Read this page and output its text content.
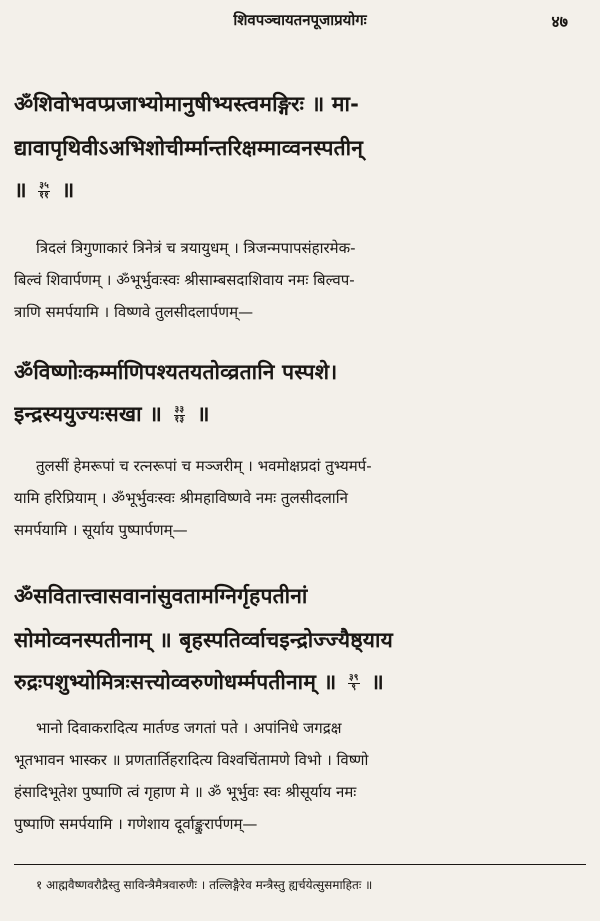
शिवपञ्चायतनपूजाप्रयोगः	४७
ॐशिवोभवप्प्रजाभ्योमानुषीभ्यस्त्वमङ्गिरः ॥ मा-
द्यावापृथिवीऽअभिशोचीर्म्मान्तरिक्षम्माव्वनस्पतीन्
॥ $\frac{३५}{११}$ ॥
त्रिदलं त्रिगुणाकारं त्रिनेत्रं च त्रयायुधम् । त्रिजन्मपापसंहारमेक-
बिल्वं शिवार्पणम् । ॐभूर्भुवःस्वः श्रीसाम्बसदाशिवाय नमः बिल्वप-
त्राणि समर्पयामि । विष्णवे तुलसीदलार्पणम्—
ॐविष्णोःकर्म्माणिपश्यतयतोव्व्रतानि पस्पशे।
इन्द्रस्ययुज्यःसखा ॥ $\frac{३३}{१३}$ ॥
तुलसीं हेमरूपां च रत्नरूपां च मञ्जरीम् । भवमोक्षप्रदां तुभ्यमर्प-
यामि हरिप्रियाम् । ॐभूर्भुवःस्वः श्रीमहाविष्णवे नमः तुलसीदलानि
समर्पयामि । सूर्याय पुष्पार्पणम्—
ॐसवितात्त्वासवानांसुवतामग्निर्गृहपतीनां
सोमोव्वनस्पतीनाम् ॥ बृहस्पतिर्व्वाचइन्द्रोज्ज्यैष्ठ्याय
रुद्रःपशुभ्योमित्रःसत्त्योव्वरुणोधर्म्मपतीनाम् ॥ $\frac{३९}{९}$ ॥
भानो दिवाकरादित्य मार्तण्ड जगतां पते । अपांनिधे जगद्रक्ष
भूतभावन भास्कर ॥ प्रणतार्तिहरादित्य विश्वचिंतामणे विभो । विष्णो
हंसादिभूतेश पुष्पाणि त्वं गृहाण मे ॥ ॐ भूर्भुवः स्वः श्रीसूर्याय नमः
पुष्पाणि समर्पयामि । गणेशाय दूर्वाङ्कुरार्पणम्—
१ आह्मवैष्णवरौद्रैस्तु साविन्त्रैमैत्रवारुणैः । तल्लिङ्गैरेव मन्त्रैस्तु ह्यर्चयेत्सुसमाहितः ॥
